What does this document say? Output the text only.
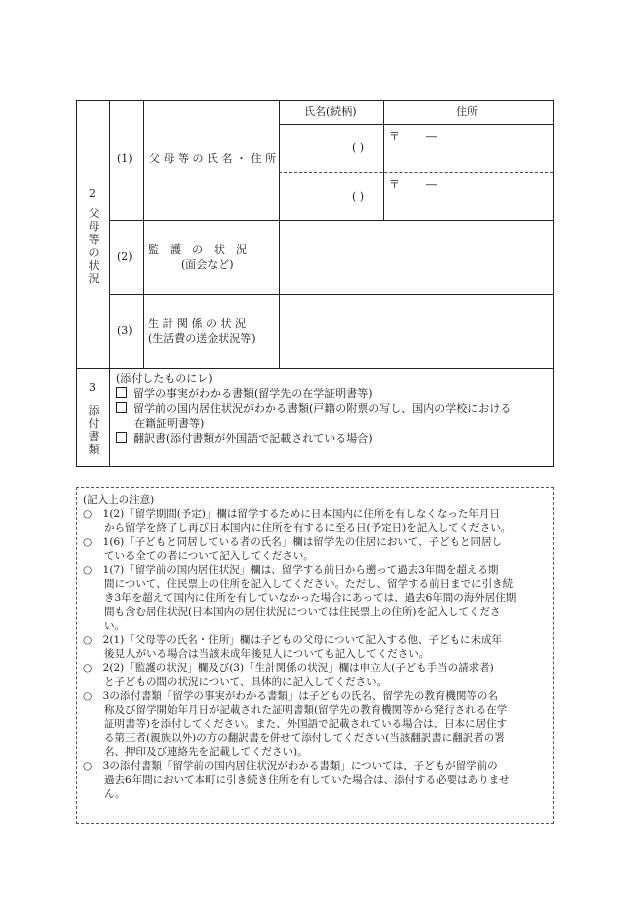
2
父
母
等
の
状
況
氏名(続柄)	住所
(1) 父 母 等 の 氏 名 ・ 住 所
( )
〒 ―
( )
〒 ―
(2)
監　護　の　状　況
(面会など)
(3)
生 計 関 係 の 状 況
(生活費の送金状況等)
3
添
付
書
類
(添付したものにレ)
留学の事実がわかる書類(留学先の在学証明書等)
留学前の国内居住状況がわかる書類(戸籍の附票の写し、国内の学校における
在籍証明書等)
翻訳書(添付書類が外国語で記載されている場合)
(記入上の注意)
○　1(2)「留学期間(予定)」欄は留学するために日本国内に住所を有しなくなった年月日
　　から留学を終了し再び日本国内に住所を有するに至る日(予定日)を記入してください。
○　1(6)「子どもと同居している者の氏名」欄は留学先の住居において、子どもと同居し
　　ている全ての者について記入してください。
○　1(7)「留学前の国内居住状況」欄は、留学する前日から遡って過去3年間を超える期
　　間について、住民票上の住所を記入してください。ただし、留学する前日までに引き続
　　き3年を超えて国内に住所を有していなかった場合にあっては、過去6年間の海外居住期
　　間も含む居住状況(日本国内の居住状況については住民票上の住所)を記入してくださ
　　い。
○　2(1)「父母等の氏名・住所」欄は子どもの父母について記入する他、子どもに未成年
　　後見人がいる場合は当該未成年後見人についても記入してください。
○　2(2)「監護の状況」欄及び(3)「生計関係の状況」欄は申立人(子ども手当の請求者)
　　と子どもの間の状況について、具体的に記入してください。
○　3の添付書類「留学の事実がわかる書類」は子どもの氏名、留学先の教育機関等の名
　　称及び留学開始年月日が記載された証明書類(留学先の教育機関等から発行される在学
　　証明書等)を添付してください。また、外国語で記載されている場合は、日本に居住す
　　る第三者(親族以外)の方の翻訳書を併せて添付してください(当該翻訳書に翻訳者の署
　　名、押印及び連絡先を記載してください)。
○　3の添付書類「留学前の国内居住状況がわかる書類」については、子どもが留学前の
　　過去6年間において本町に引き続き住所を有していた場合は、添付する必要はありませ
　　ん。
